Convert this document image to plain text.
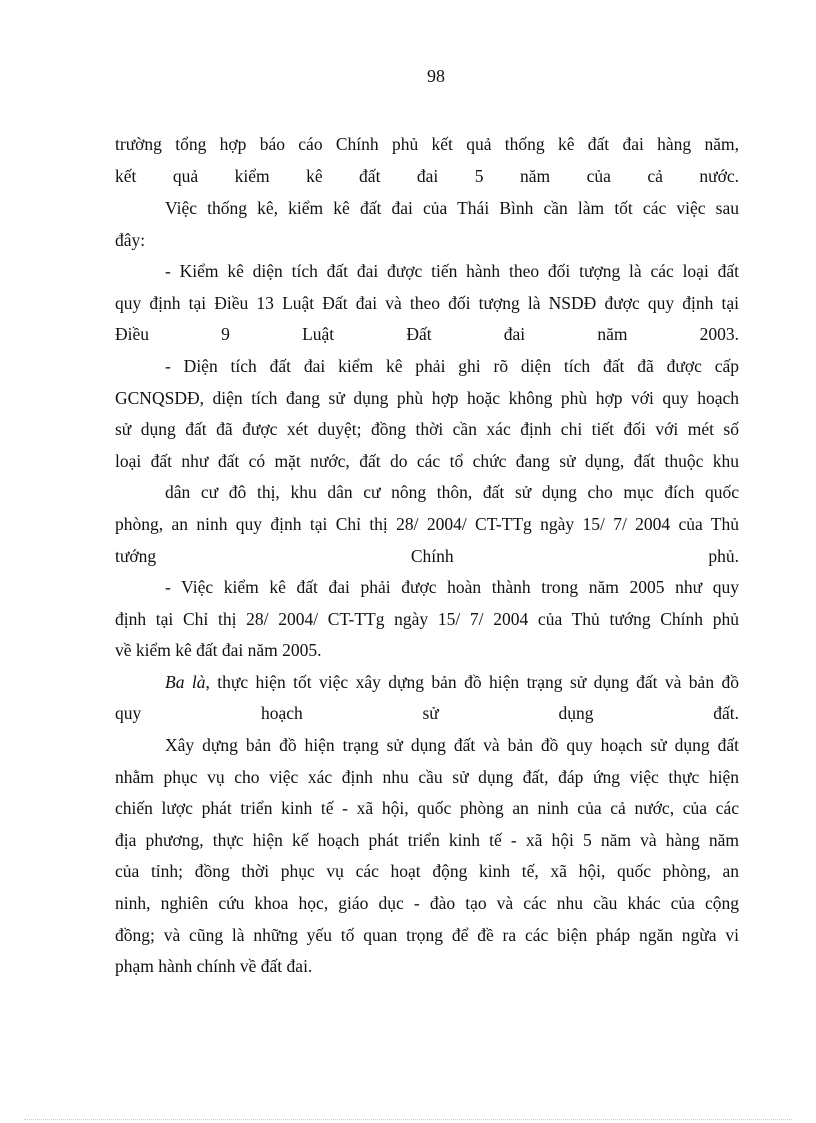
98
trường tổng hợp báo cáo Chính phủ kết quả thống kê đất đai hàng năm,
kết quả kiểm kê đất đai 5 năm của cả nước.
Việc thống kê, kiểm kê đất đai của Thái Bình cần làm tốt các việc sau
đây:
- Kiểm kê diện tích đất đai được tiến hành theo đối tượng là các loại đất
quy định tại Điều 13 Luật Đất đai và theo đối tượng là NSDĐ được quy định tại
Điều 9 Luật Đất đai năm 2003.
- Diện tích đất đai kiểm kê phải ghi rõ diện tích đất đã được cấp
GCNQSDĐ, diện tích đang sử dụng phù hợp hoặc không phù hợp với quy hoạch
sử dụng đất đã được xét duyệt; đồng thời cần xác định chi tiết đối với mét số
loại đất như đất có mặt nước, đất do các tổ chức đang sử dụng, đất thuộc khu
dân cư đô thị, khu dân cư nông thôn, đất sử dụng cho mục đích quốc
phòng, an ninh quy định tại Chỉ thị 28/ 2004/ CT-TTg ngày 15/ 7/ 2004 của Thủ
tướng Chính phủ.
- Việc kiểm kê đất đai phải được hoàn thành trong năm 2005 như quy
định tại Chỉ thị 28/ 2004/ CT-TTg ngày 15/ 7/ 2004 của Thủ tướng Chính phủ
về kiểm kê đất đai năm 2005.
Ba là, thực hiện tốt việc xây dựng bản đồ hiện trạng sử dụng đất và bản đồ
quy hoạch sử dụng đất.
Xây dựng bản đồ hiện trạng sử dụng đất và bản đồ quy hoạch sử dụng đất
nhằm phục vụ cho việc xác định nhu cầu sử dụng đất, đáp ứng việc thực hiện
chiến lược phát triển kinh tế - xã hội, quốc phòng an ninh của cả nước, của các
địa phương, thực hiện kế hoạch phát triển kinh tế - xã hội 5 năm và hàng năm
của tỉnh; đồng thời phục vụ các hoạt động kinh tế, xã hội, quốc phòng, an
ninh, nghiên cứu khoa học, giáo dục - đào tạo và các nhu cầu khác của cộng
đồng; và cũng là những yếu tố quan trọng để đề ra các biện pháp ngăn ngừa vi
phạm hành chính về đất đai.
